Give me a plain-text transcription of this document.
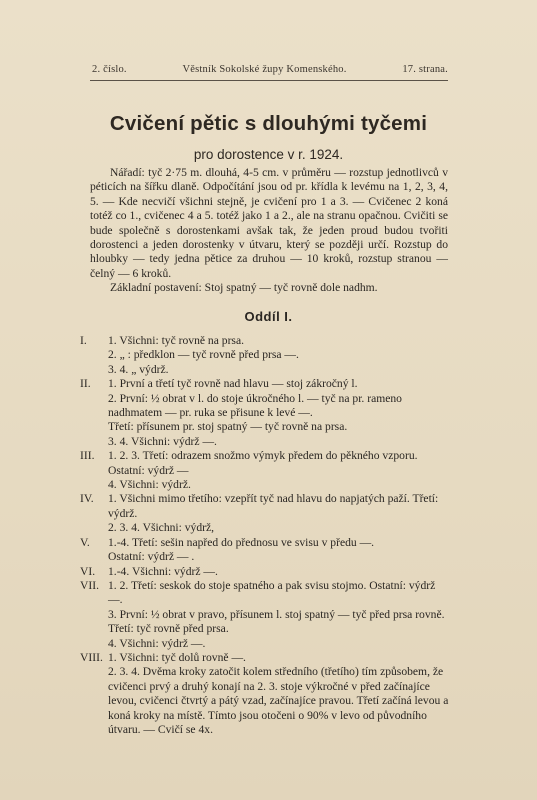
2. číslo.	Věstník Sokolské župy Komenského.	17. strana.
Cvičení pětic s dlouhými tyčemi
pro dorostence v r. 1924.

Nářadí: tyč 2·75 m. dlouhá, 4-5 cm. v průměru — rozstup jednotlivců v péticích na šířku dlaně. Odpočítání jsou od pr. křídla k levému na 1, 2, 3, 4, 5. — Kde necvičí všichni stejně, je cvičení pro 1 a 3. — Cvičenec 2 koná totéž co 1., cvičenec 4 a 5. totéž jako 1 a 2., ale na stranu opačnou. Cvičiti se bude společně s dorostenkami avšak tak, že jeden proud budou tvořiti dorostenci a jeden dorostenky v útvaru, který se později určí. Rozstup do hloubky — tedy jedna pětice za druhou — 10 kroků, rozstup stranou — čelný — 6 kroků.

Základní postavení: Stoj spatný — tyč rovně dole nadhm.

Oddíl I.
I.	1. Všichni: tyč rovně na prsa.
2. „ : předklon — tyč rovně před prsa —.
3. 4. „ výdrž.
II.	1. První a třetí tyč rovně nad hlavu — stoj zákročný l.
2. První: ½ obrat v l. do stoje úkročného l. — tyč na pr. rameno nadhmatem — pr. ruka se přisune k levé —.
Třetí: přísunem pr. stoj spatný — tyč rovně na prsa.
3. 4. Všichni: výdrž —.
III.	1. 2. 3. Třetí: odrazem snožmo výmyk předem do pěkného vzporu. Ostatní: výdrž —
4. Všichni: výdrž.
IV.	1. Všichni mimo třetího: vzepřít tyč nad hlavu do napjatých paží. Třetí: výdrž.
2. 3. 4. Všichni: výdrž,
V.	1.-4. Třetí: sešin napřed do přednosu ve svisu v předu —.
Ostatní: výdrž — .
VI.	1.-4. Všichni: výdrž —.
VII. 1. 2. Třetí: seskok do stoje spatného a pak svisu stojmo. Ostatní: výdrž —.
3. První: ½ obrat v pravo, přísunem l. stoj spatný — tyč před prsa rovně.
Třetí: tyč rovně před prsa.
4. Všichni: výdrž —.
VIII. 1. Všichni: tyč dolů rovně —.
2. 3. 4. Dvěma kroky zatočit kolem středního (třetího) tím způsobem, že cvičenci prvý a druhý konají na 2. 3. stoje výkročné v před začínajíce levou, cvičenci čtvrtý a pátý vzad, začínajíce pravou. Třetí začíná levou a koná kroky na místě. Tímto jsou otočeni o 90% v levo od původního útvaru. — Cvičí se 4x.
